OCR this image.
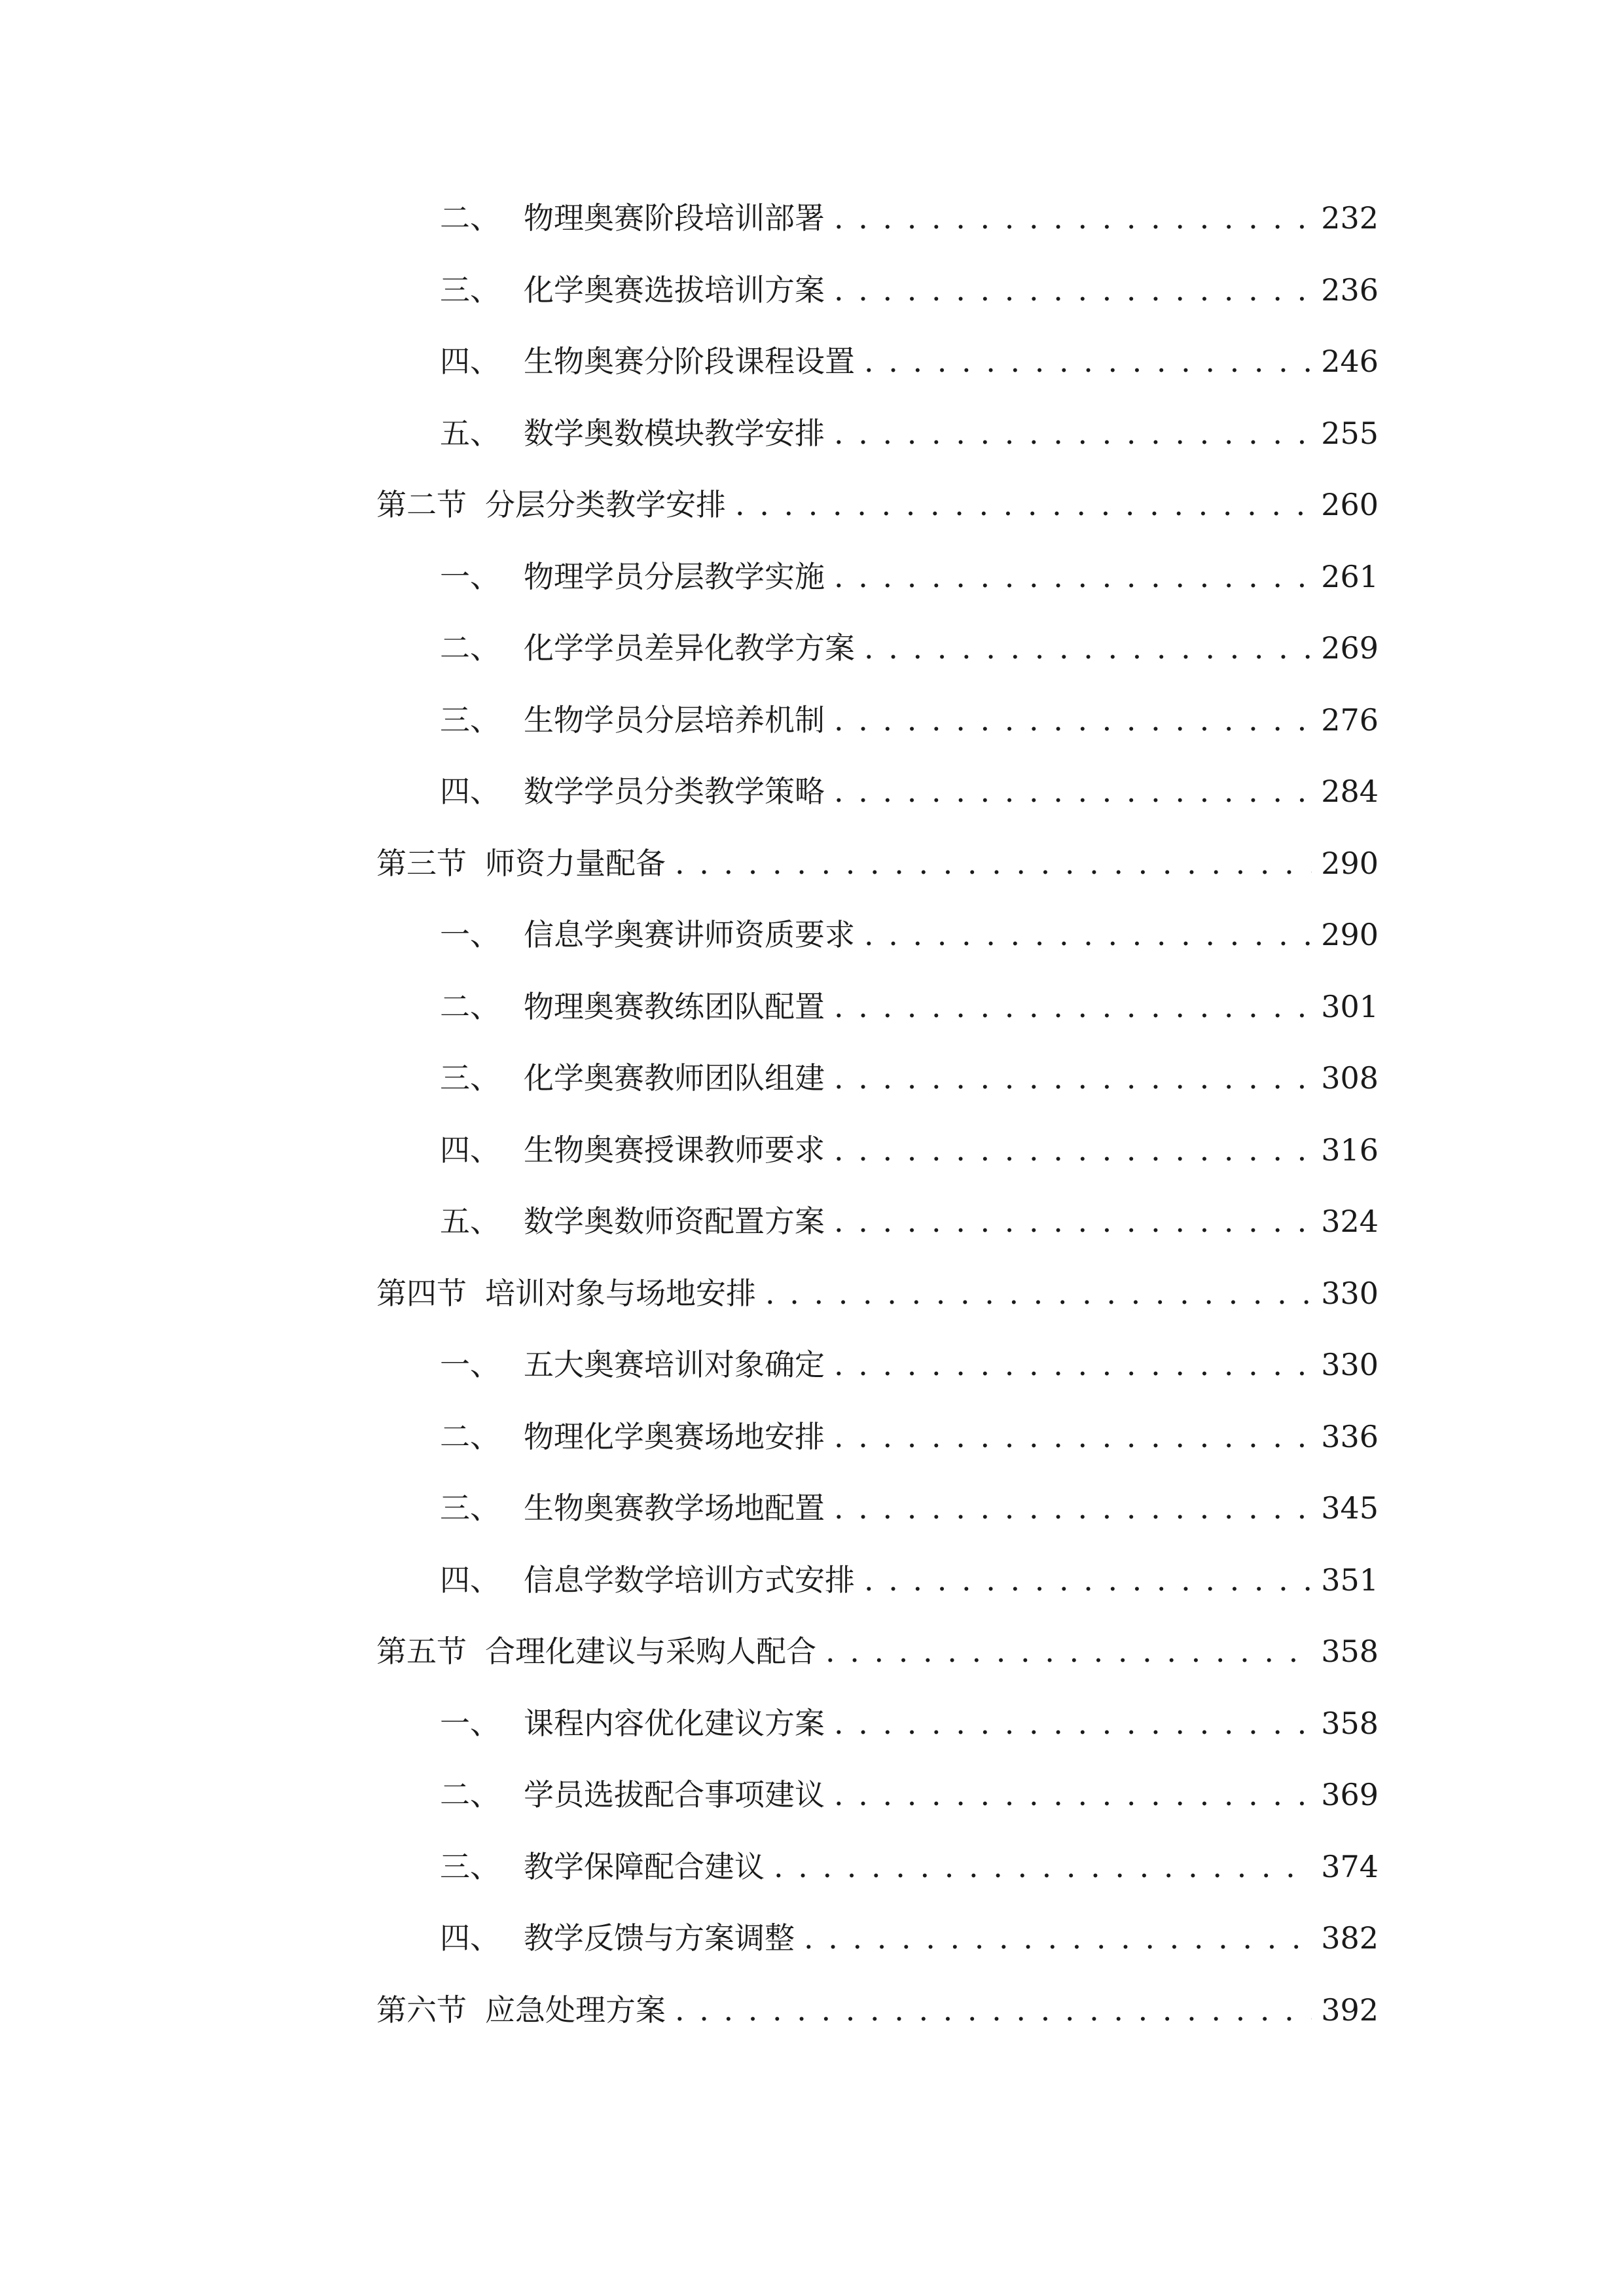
二、 物理奥赛阶段培训部署 . . .	232
三、 化学奥赛选拔培训方案 . . .	236
四、 生物奥赛分阶段课程设置 . . .	246
五、 数学奥数模块教学安排 . . .	255
第二节 分层分类教学安排 . . .	260
一、 物理学员分层教学实施 . . .	261
二、 化学学员差异化教学方案 . . .	269
三、 生物学员分层培养机制 . . .	276
四、 数学学员分类教学策略 . . .	284
第三节 师资力量配备 . . .	290
一、 信息学奥赛讲师资质要求 . . .	290
二、 物理奥赛教练团队配置 . . .	301
三、 化学奥赛教师团队组建 . . .	308
四、 生物奥赛授课教师要求 . . .	316
五、 数学奥数师资配置方案 . . .	324
第四节 培训对象与场地安排 . . .	330
一、 五大奥赛培训对象确定 . . .	330
二、 物理化学奥赛场地安排 . . .	336
三、 生物奥赛教学场地配置 . . .	345
四、 信息学数学培训方式安排 . . .	351
第五节 合理化建议与采购人配合 . . .	358
一、 课程内容优化建议方案 . . .	358
二、 学员选拔配合事项建议 . . .	369
三、 教学保障配合建议 . . .	374
四、 教学反馈与方案调整 . . .	382
第六节 应急处理方案 . . .	392
